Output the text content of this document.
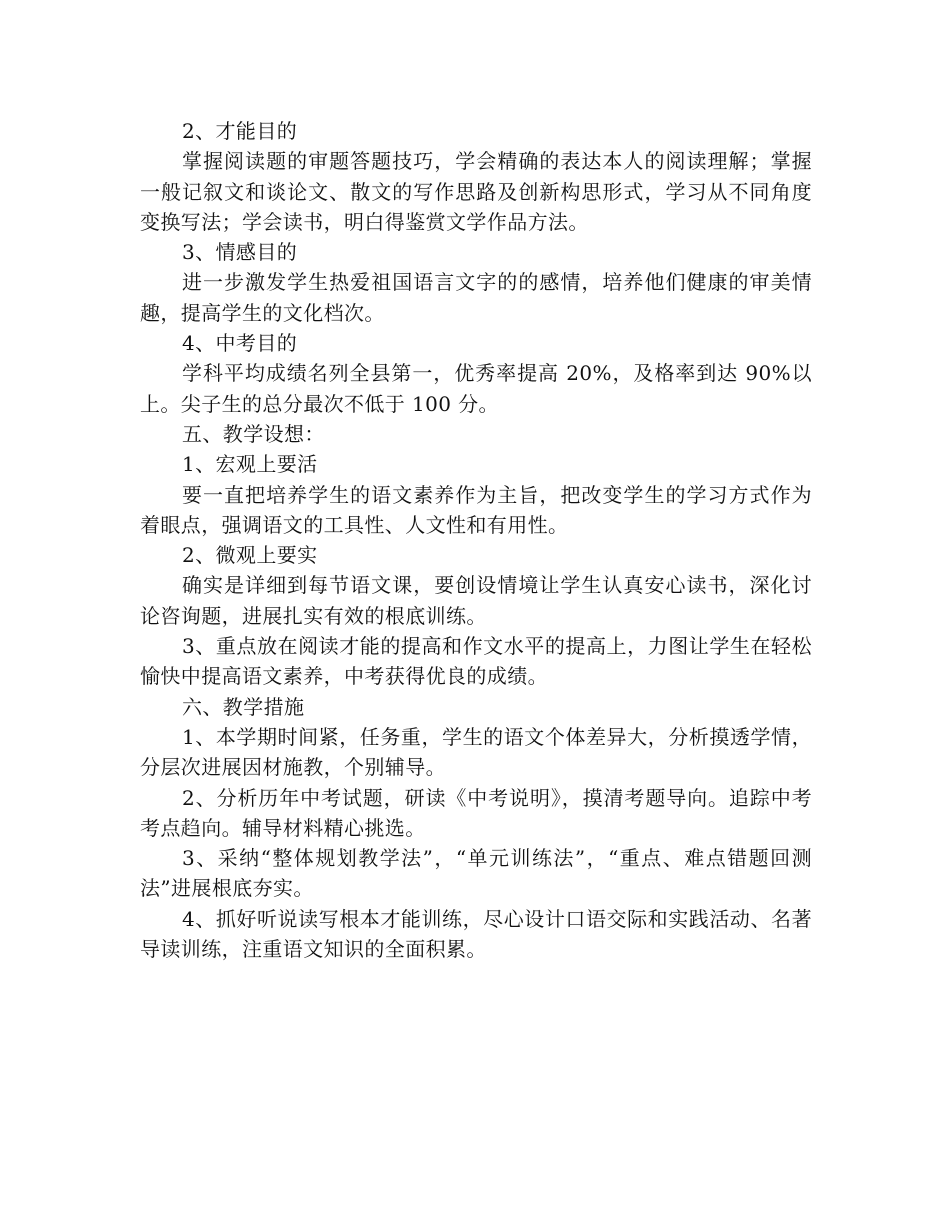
2、才能目的

掌握阅读题的审题答题技巧，学会精确的表达本人的阅读理解；掌握一般记叙文和谈论文、散文的写作思路及创新构思形式，学习从不同角度变换写法；学会读书，明白得鉴赏文学作品方法。

3、情感目的

进一步激发学生热爱祖国语言文字的的感情，培养他们健康的审美情趣，提高学生的文化档次。

4、中考目的

学科平均成绩名列全县第一，优秀率提高 20%，及格率到达 90%以上。尖子生的总分最次不低于 100 分。

五、教学设想：

1、宏观上要活

要一直把培养学生的语文素养作为主旨，把改变学生的学习方式作为着眼点，强调语文的工具性、人文性和有用性。

2、微观上要实

确实是详细到每节语文课，要创设情境让学生认真安心读书，深化讨论咨询题，进展扎实有效的根底训练。

3、重点放在阅读才能的提高和作文水平的提高上，力图让学生在轻松愉快中提高语文素养，中考获得优良的成绩。

六、教学措施

1、本学期时间紧，任务重，学生的语文个体差异大，分析摸透学情，分层次进展因材施教，个别辅导。

2、分析历年中考试题，研读《中考说明》，摸清考题导向。追踪中考考点趋向。辅导材料精心挑选。

3、采纳“整体规划教学法”，“单元训练法”，“重点、难点错题回测法”进展根底夯实。

4、抓好听说读写根本才能训练，尽心设计口语交际和实践活动、名著导读训练，注重语文知识的全面积累。
